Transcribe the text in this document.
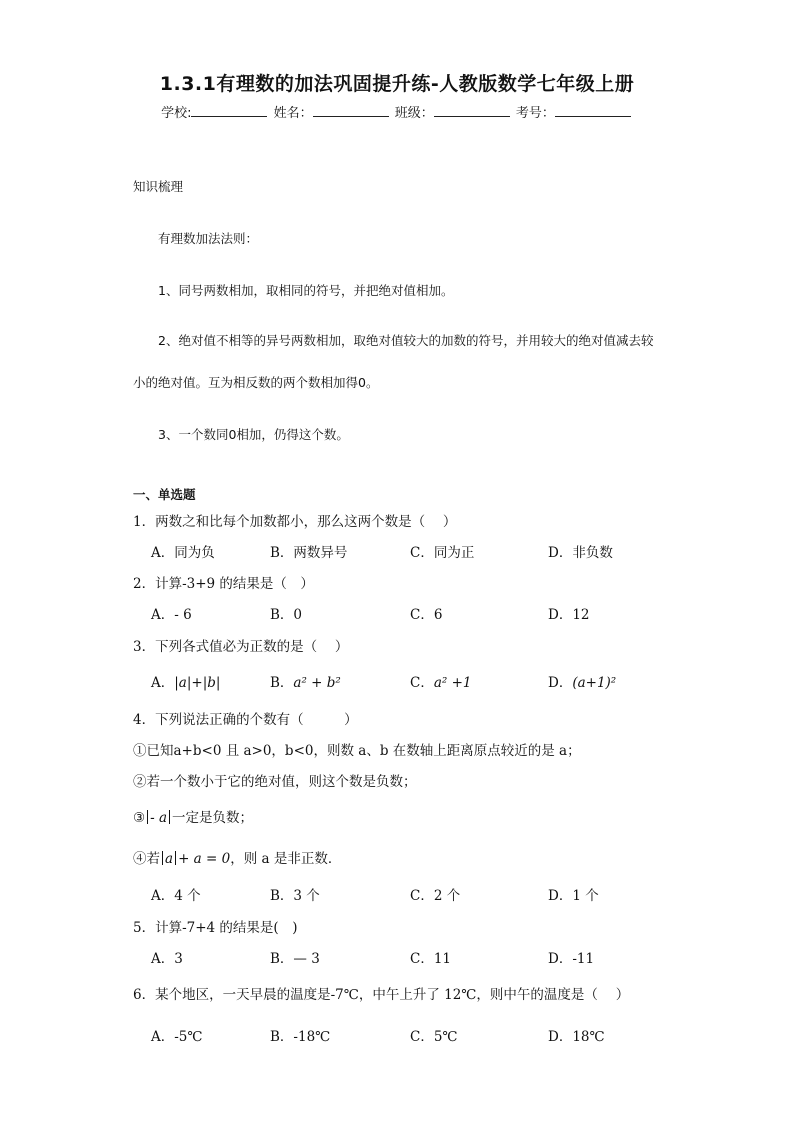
1.3.1有理数的加法巩固提升练-人教版数学七年级上册
学校:	姓名：	班级：	考号：
知识梳理
有理数加法法则：
1、同号两数相加，取相同的符号，并把绝对值相加。
2、绝对值不相等的异号两数相加，取绝对值较大的加数的符号，并用较大的绝对值减去较
小的绝对值。互为相反数的两个数相加得0。
3、一个数同0相加，仍得这个数。
一、单选题
1．两数之和比每个加数都小，那么这两个数是（　 ）
A．同为负	B．两数异号	C．同为正	D．非负数
2．计算-3+9 的结果是（　）
A．- 6	B．0	C．6	D．12
3．下列各式值必为正数的是（　 ）
A．|a|+|b|	B．a² + b²	C．a² +1	D．(a+1)²
4．下列说法正确的个数有（　　　）
①已知a+b<0 且 a>0，b<0，则数 a、b 在数轴上距离原点较近的是 a；
②若一个数小于它的绝对值，则这个数是负数；
③ - a 一定是负数；
④若 a + a = 0，则 a 是非正数．
A．4 个	B．3 个	C．2 个	D．1 个
5．计算-7+4 的结果是(　)
A．3	B．— 3	C．11	D．-11
6．某个地区，一天早晨的温度是-7℃，中午上升了 12℃，则中午的温度是（　 ）
A．-5℃	B．-18℃	C．5℃	D．18℃
